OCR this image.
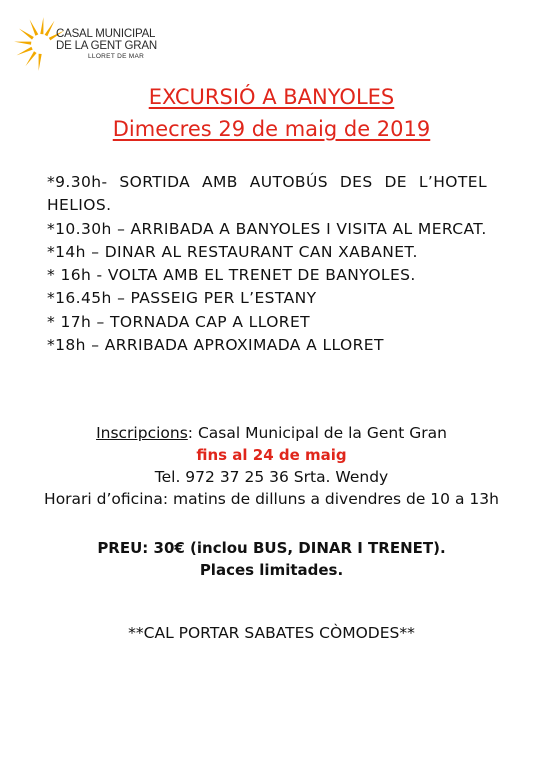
CASAL MUNICIPAL
DE LA GENT GRAN
LLORET DE MAR
EXCURSIÓ A BANYOLES
Dimecres 29 de maig de 2019
*9.30h- SORTIDA AMB AUTOBÚS DES DE L’HOTEL HELIOS.
*10.30h – ARRIBADA A BANYOLES I VISITA AL MERCAT.
*14h – DINAR AL RESTAURANT CAN XABANET.
* 16h - VOLTA AMB EL TRENET DE BANYOLES.
*16.45h – PASSEIG PER L’ESTANY
* 17h – TORNADA CAP A LLORET
*18h – ARRIBADA APROXIMADA A LLORET
Inscripcions: Casal Municipal de la Gent Gran
fins al 24 de maig
Tel. 972 37 25 36 Srta. Wendy
Horari d’oficina: matins de dilluns a divendres de 10 a 13h
PREU: 30€ (inclou BUS, DINAR I TRENET).
Places limitades.
**CAL PORTAR SABATES CÒMODES**
